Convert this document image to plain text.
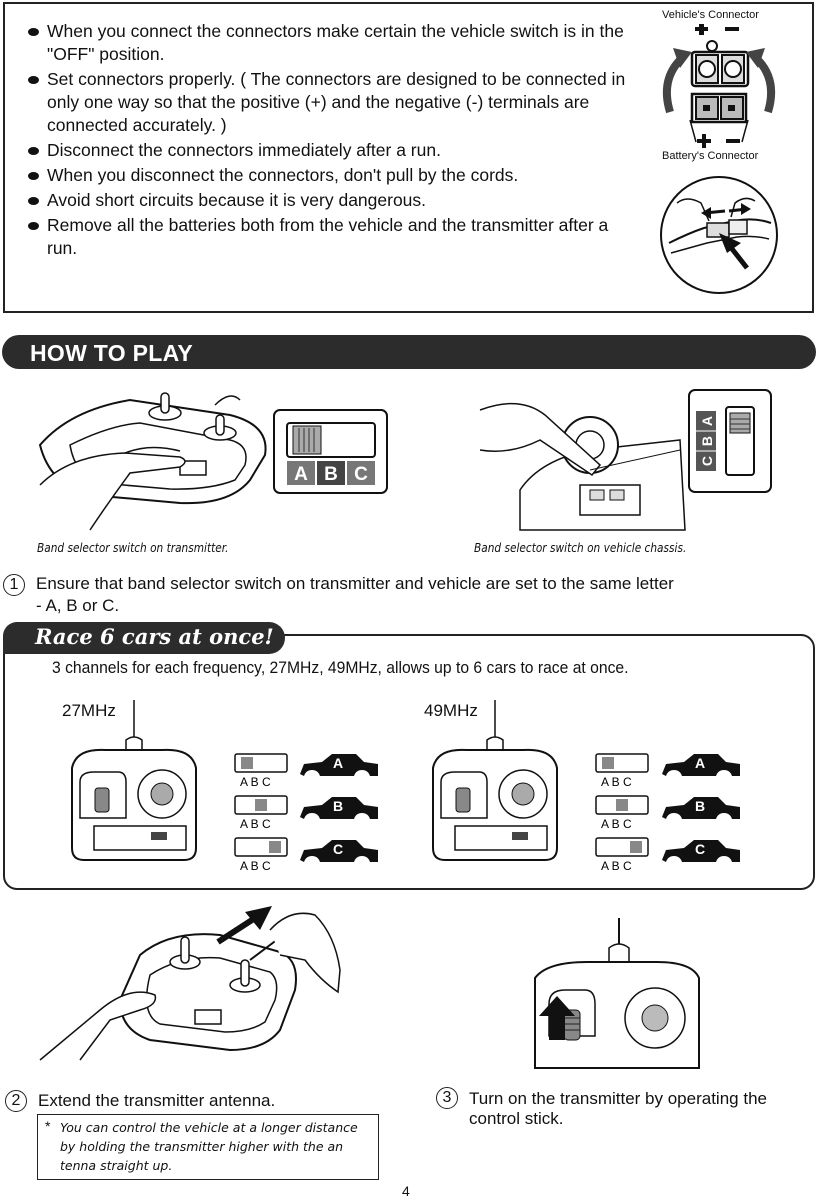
When you connect the connectors make certain the vehicle switch is in the "OFF" position.
Set connectors properly. ( The connectors are designed to be connected in only one way so that the positive (+) and the negative (-) terminals are connected accurately. )
Disconnect the connectors immediately after a run.
When you disconnect the connectors, don't pull by the cords.
Avoid short circuits because it is very dangerous.
Remove all the batteries both from the vehicle and the transmitter after a run.
Vehicle's Connector
Battery's Connector
HOW TO PLAY
A B C
A
B
C
Band selector switch on transmitter.	Band selector switch on vehicle chassis.
1	Ensure that band selector switch on transmitter and vehicle are set to the same letter
- A, B or C.
Race 6 cars at once!
3 channels for each frequency, 27MHz, 49MHz, allows up to 6 cars to race at once.
27MHz	49MHz
A B C
A B C
A B C
A
B
C
A B C
A B C
A B C
A
B
C
2	Extend the transmitter antenna.	3	Turn on the transmitter by operating the
control stick.
* You can control the vehicle at a longer distance by holding the transmitter higher with the an tenna straight up.
4
